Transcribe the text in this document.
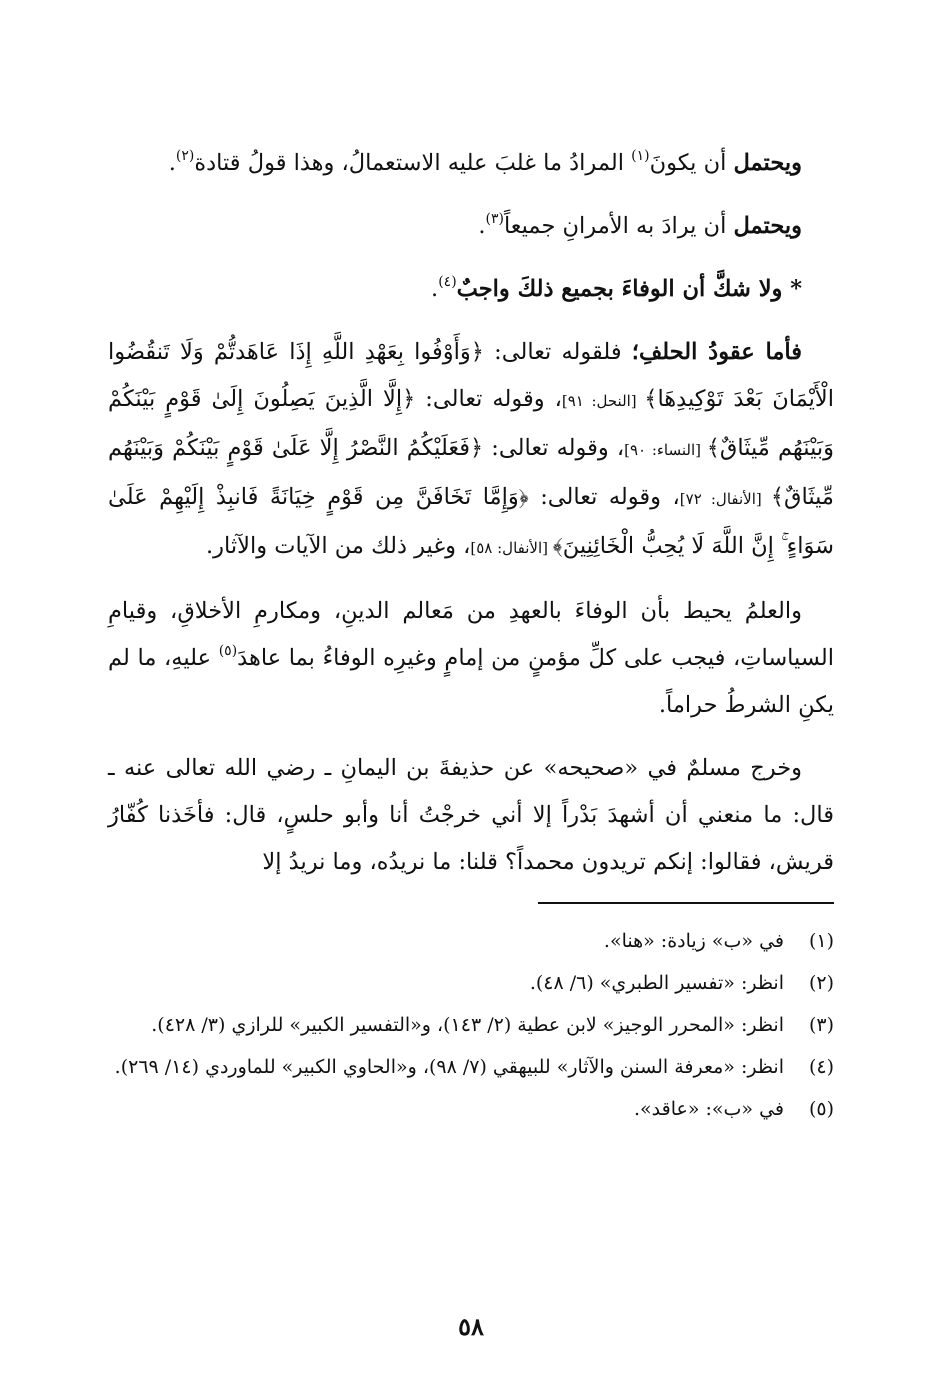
ويحتمل أن يكونَ$^{(١)}$ المرادُ ما غلبَ عليه الاستعمالُ، وهذا قولُ قتادة$^{(٢)}$.

ويحتمل أن يرادَ به الأمرانِ جميعاً$^{(٣)}$.

* ولا شكَّ أن الوفاءَ بجميع ذلكَ واجبٌ$^{(٤)}$.

فأما عقودُ الحلفِ؛ فلقوله تعالى: ﴿وَأَوْفُوا بِعَهْدِ اللَّهِ إِذَا عَاهَدتُّمْ وَلَا تَنقُضُوا الْأَيْمَانَ بَعْدَ تَوْكِيدِهَا﴾ [النحل: ٩١]، وقوله تعالى: ﴿إِلَّا الَّذِينَ يَصِلُونَ إِلَىٰ قَوْمٍ بَيْنَكُمْ وَبَيْنَهُم مِّيثَاقٌ﴾ [النساء: ٩٠]، وقوله تعالى: ﴿فَعَلَيْكُمُ النَّصْرُ إِلَّا عَلَىٰ قَوْمٍ بَيْنَكُمْ وَبَيْنَهُم مِّيثَاقٌ﴾ [الأنفال: ٧٢]، وقوله تعالى: ﴿وَإِمَّا تَخَافَنَّ مِن قَوْمٍ خِيَانَةً فَانبِذْ إِلَيْهِمْ عَلَىٰ سَوَاءٍ ۚ إِنَّ اللَّهَ لَا يُحِبُّ الْخَائِنِينَ﴾ [الأنفال: ٥٨]، وغير ذلك من الآيات والآثار.

والعلمُ يحيط بأن الوفاءَ بالعهدِ من مَعالم الدينِ، ومكارمِ الأخلاقِ، وقيامِ السياساتِ، فيجب على كلِّ مؤمنٍ من إمامٍ وغيرِه الوفاءُ بما عاهدَ$^{(٥)}$ عليهِ، ما لم يكنِ الشرطُ حراماً.

وخرج مسلمٌ في «صحيحه» عن حذيفةَ بن اليمانِ ـ رضي الله تعالى عنه ـ قال: ما منعني أن أشهدَ بَدْراً إلا أني خرجْتُ أنا وأبو حلسٍ، قال: فأخَذنا كُفّارُ قريش، فقالوا: إنكم تريدون محمداً؟ قلنا: ما نريدُه، وما نريدُ إلا

(١)
في «ب» زيادة: «هنا».
(٢)
انظر: «تفسير الطبري» (٦/ ٤٨).
(٣)
انظر: «المحرر الوجيز» لابن عطية (٢/ ١٤٣)، و«التفسير الكبير» للرازي (٣/ ٤٢٨).
(٤)
انظر: «معرفة السنن والآثار» للبيهقي (٧/ ٩٨)، و«الحاوي الكبير» للماوردي (١٤/ ٢٦٩).
(٥)
في «ب»: «عاقد».
٥٨
